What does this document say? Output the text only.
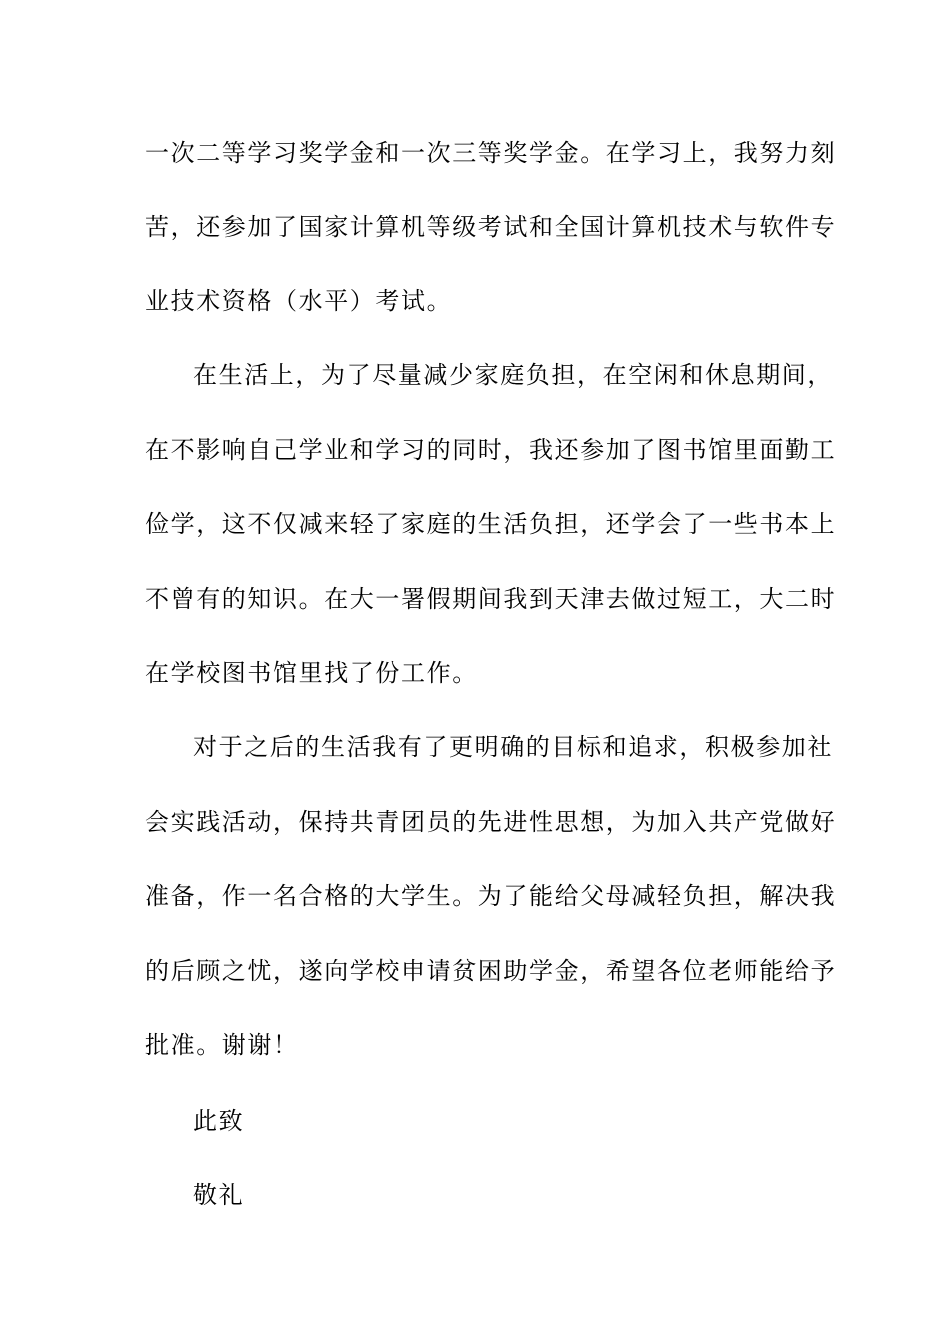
一次二等学习奖学金和一次三等奖学金。在学习上，我努力刻
苦，还参加了国家计算机等级考试和全国计算机技术与软件专
业技术资格（水平）考试。
在生活上，为了尽量减少家庭负担，在空闲和休息期间，
在不影响自己学业和学习的同时，我还参加了图书馆里面勤工
俭学，这不仅减来轻了家庭的生活负担，还学会了一些书本上
不曾有的知识。在大一署假期间我到天津去做过短工，大二时
在学校图书馆里找了份工作。
对于之后的生活我有了更明确的目标和追求，积极参加社
会实践活动，保持共青团员的先进性思想，为加入共产党做好
准备，作一名合格的大学生。为了能给父母减轻负担，解决我
的后顾之忧，遂向学校申请贫困助学金，希望各位老师能给予
批准。谢谢！
此致
敬礼
